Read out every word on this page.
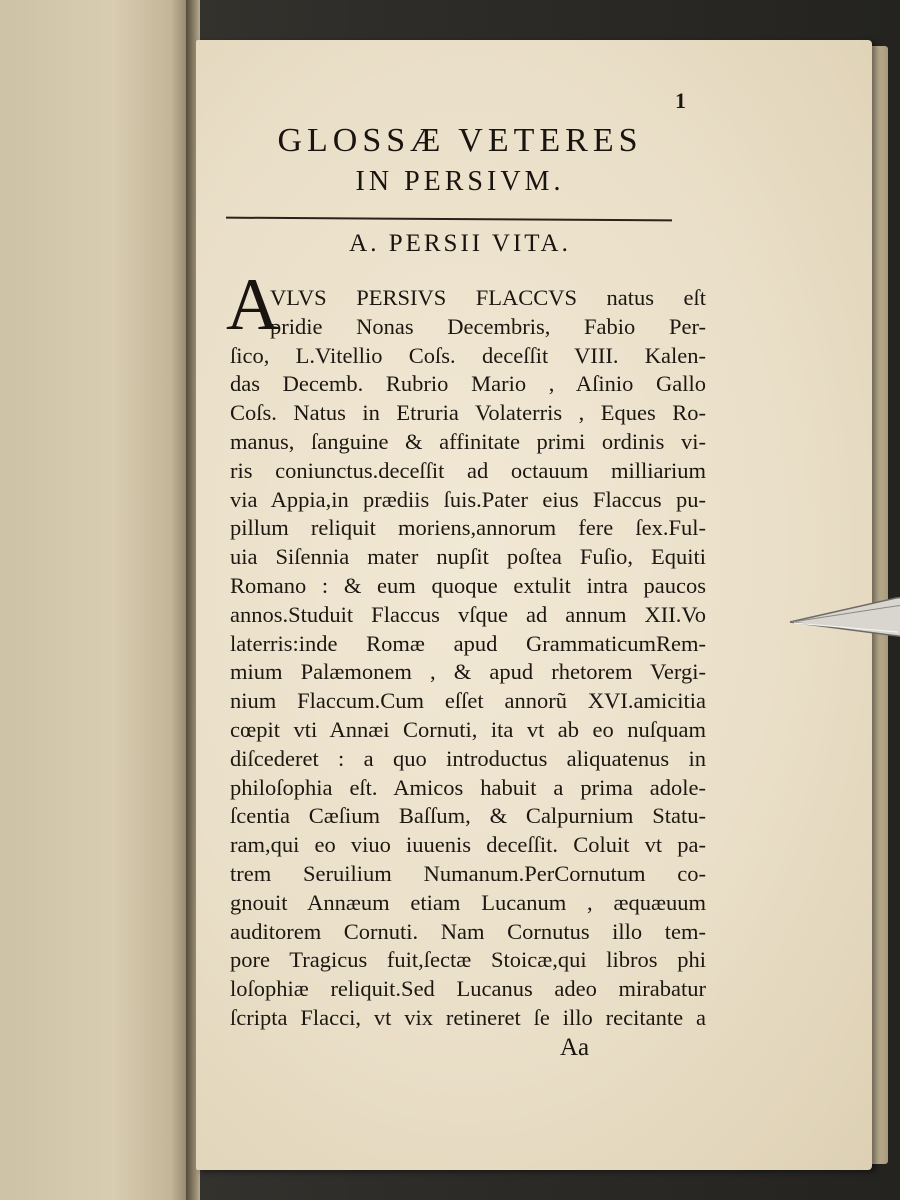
1
GLOSSÆ VETERES
IN PERSIVM.
A. PERSII VITA.
A
VLVS PERSIVS FLACCVS natus eſt
pridie Nonas Decembris, Fabio Per-
ſico, L.Vitellio Coſs. deceſſit VIII. Kalen-
das Decemb. Rubrio Mario , Aſinio Gallo
Coſs. Natus in Etruria Volaterris , Eques Ro-
manus, ſanguine & affinitate primi ordinis vi-
ris coniunctus.deceſſit ad octauum milliarium
via Appia,in prædiis ſuis.Pater eius Flaccus pu-
pillum reliquit moriens,annorum fere ſex.Ful-
uia Siſennia mater nupſit poſtea Fuſio, Equiti
Romano : & eum quoque extulit intra paucos
annos.Studuit Flaccus vſque ad annum XII.Vo
laterris:inde Romæ apud GrammaticumRem-
mium Palæmonem , & apud rhetorem Vergi-
nium Flaccum.Cum eſſet annorũ XVI.amicitia
cœpit vti Annæi Cornuti, ita vt ab eo nuſquam
diſcederet : a quo introductus aliquatenus in
philoſophia eſt. Amicos habuit a prima adole-
ſcentia Cæſium Baſſum, & Calpurnium Statu-
ram,qui eo viuo iuuenis deceſſit. Coluit vt pa-
trem Seruilium Numanum.PerCornutum co-
gnouit Annæum etiam Lucanum , æquæuum
auditorem Cornuti. Nam Cornutus illo tem-
pore Tragicus fuit,ſectæ Stoicæ,qui libros phi
loſophiæ reliquit.Sed Lucanus adeo mirabatur
ſcripta Flacci, vt vix retineret ſe illo recitante a
Aa
